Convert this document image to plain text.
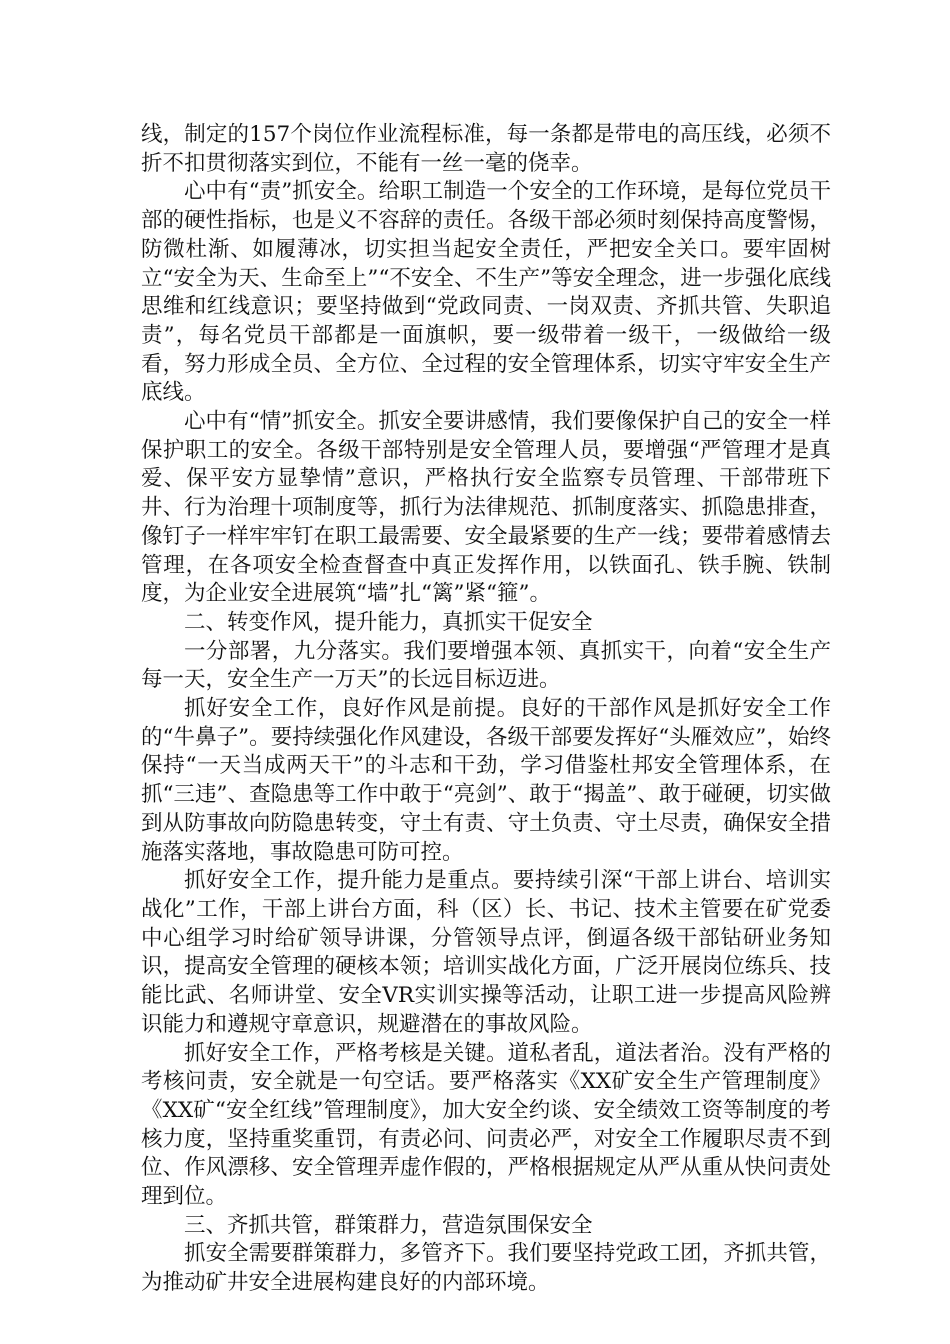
线，制定的157个岗位作业流程标准，每一条都是带电的高压线，必须不折不扣贯彻落实到位，不能有一丝一毫的侥幸。

心中有“责”抓安全。给职工制造一个安全的工作环境，是每位党员干部的硬性指标，也是义不容辞的责任。各级干部必须时刻保持高度警惕，防微杜渐、如履薄冰，切实担当起安全责任，严把安全关口。要牢固树立“安全为天、生命至上”“不安全、不生产”等安全理念，进一步强化底线思维和红线意识；要坚持做到“党政同责、一岗双责、齐抓共管、失职追责”，每名党员干部都是一面旗帜，要一级带着一级干，一级做给一级看，努力形成全员、全方位、全过程的安全管理体系，切实守牢安全生产底线。

心中有“情”抓安全。抓安全要讲感情，我们要像保护自己的安全一样保护职工的安全。各级干部特别是安全管理人员，要增强“严管理才是真爱、保平安方显挚情”意识，严格执行安全监察专员管理、干部带班下井、行为治理十项制度等，抓行为法律规范、抓制度落实、抓隐患排查，像钉子一样牢牢钉在职工最需要、安全最紧要的生产一线；要带着感情去管理，在各项安全检查督查中真正发挥作用，以铁面孔、铁手腕、铁制度，为企业安全进展筑“墙”扎“篱”紧“箍”。

二、转变作风，提升能力，真抓实干促安全

一分部署，九分落实。我们要增强本领、真抓实干，向着“安全生产每一天，安全生产一万天”的长远目标迈进。

抓好安全工作，良好作风是前提。良好的干部作风是抓好安全工作的“牛鼻子”。要持续强化作风建设，各级干部要发挥好“头雁效应”，始终保持“一天当成两天干”的斗志和干劲，学习借鉴杜邦安全管理体系，在抓“三违”、查隐患等工作中敢于“亮剑”、敢于“揭盖”、敢于碰硬，切实做到从防事故向防隐患转变，守土有责、守土负责、守土尽责，确保安全措施落实落地，事故隐患可防可控。

抓好安全工作，提升能力是重点。要持续引深“干部上讲台、培训实战化”工作，干部上讲台方面，科（区）长、书记、技术主管要在矿党委中心组学习时给矿领导讲课，分管领导点评，倒逼各级干部钻研业务知识，提高安全管理的硬核本领；培训实战化方面，广泛开展岗位练兵、技能比武、名师讲堂、安全VR实训实操等活动，让职工进一步提高风险辨识能力和遵规守章意识，规避潜在的事故风险。

抓好安全工作，严格考核是关键。道私者乱，道法者治。没有严格的考核问责，安全就是一句空话。要严格落实《XX矿安全生产管理制度》《XX矿“安全红线”管理制度》，加大安全约谈、安全绩效工资等制度的考核力度，坚持重奖重罚，有责必问、问责必严，对安全工作履职尽责不到位、作风漂移、安全管理弄虚作假的，严格根据规定从严从重从快问责处理到位。

三、齐抓共管，群策群力，营造氛围保安全

抓安全需要群策群力，多管齐下。我们要坚持党政工团，齐抓共管，为推动矿井安全进展构建良好的内部环境。
